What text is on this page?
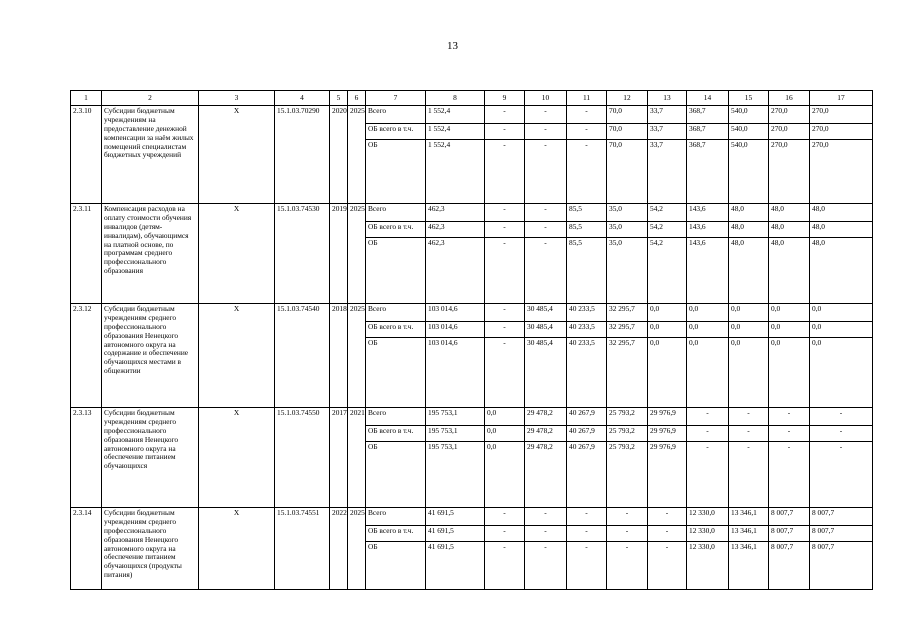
13
1	2	3	4	5	6	7	8	9	10	11	12	13	14	15	16	17
2.3.10	Субсидии бюджетным учреждениям на предоставление денежной компенсации за наём жилых помещений специалистам бюджетных учреждений	Х	15.1.03.70290	2020	2025	Всего	1 552,4	-	-	-	70,0	33,7	368,7	540,0	270,0	270,0
						ОБ всего в т.ч.	1 552,4	-	-	-	70,0	33,7	368,7	540,0	270,0	270,0
						ОБ	1 552,4	-	-	-	70,0	33,7	368,7	540,0	270,0	270,0
2.3.11	Компенсация расходов на оплату стоимости обучения инвалидов (детям-инвалидам), обучающимся на платной основе, по программам среднего профессионального образования	Х	15.1.03.74530	2019	2025	Всего	462,3	-	-	85,5	35,0	54,2	143,6	48,0	48,0	48,0
						ОБ всего в т.ч.	462,3	-	-	85,5	35,0	54,2	143,6	48,0	48,0	48,0
						ОБ	462,3	-	-	85,5	35,0	54,2	143,6	48,0	48,0	48,0
2.3.12	Субсидии бюджетным учреждениям среднего профессионального образования Ненецкого автономного округа на содержание и обеспечение обучающихся местами в общежитии	Х	15.1.03.74540	2018	2025	Всего	103 014,6	-	30 485,4	40 233,5	32 295,7	0,0	0,0	0,0	0,0	0,0
						ОБ всего в т.ч.	103 014,6	-	30 485,4	40 233,5	32 295,7	0,0	0,0	0,0	0,0	0,0
						ОБ	103 014,6	-	30 485,4	40 233,5	32 295,7	0,0	0,0	0,0	0,0	0,0
2.3.13	Субсидии бюджетным учреждениям среднего профессионального образования Ненецкого автономного округа на обеспечение питанием обучающихся	Х	15.1.03.74550	2017	2021	Всего	195 753,1	0,0	29 478,2	40 267,9	25 793,2	29 976,9	-	-	-	-
						ОБ всего в т.ч.	195 753,1	0,0	29 478,2	40 267,9	25 793,2	29 976,9	-	-	-	-
						ОБ	195 753,1	0,0	29 478,2	40 267,9	25 793,2	29 976,9	-	-	-	-
2.3.14	Субсидии бюджетным учреждениям среднего профессионального образования Ненецкого автономного округа на обеспечение питанием обучающихся (продукты питания)	Х	15.1.03.74551	2022	2025	Всего	41 691,5	-	-	-	-	-	12 330,0	13 346,1	8 007,7	8 007,7
						ОБ всего в т.ч.	41 691,5	-	-	-	-	-	12 330,0	13 346,1	8 007,7	8 007,7
						ОБ	41 691,5	-	-	-	-	-	12 330,0	13 346,1	8 007,7	8 007,7
